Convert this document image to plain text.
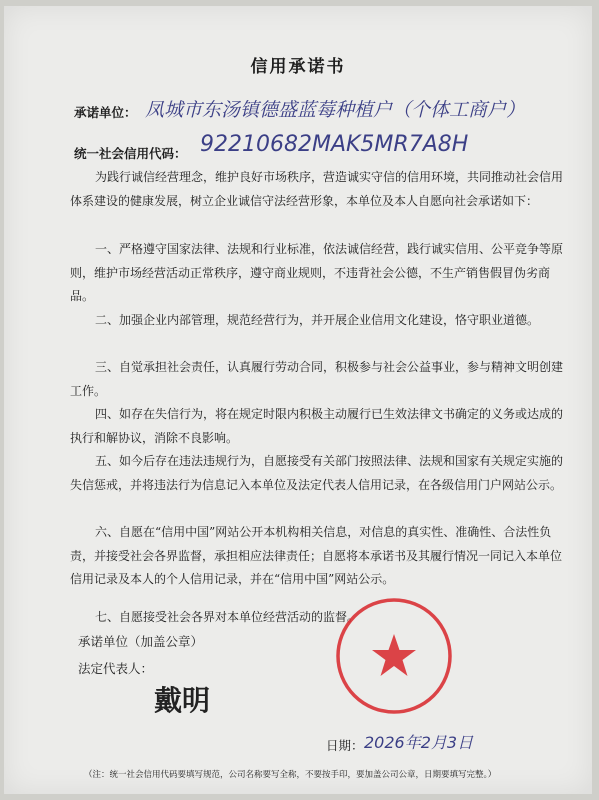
信用承诺书
承诺单位： 凤城市东汤镇德盛蓝莓种植户（个体工商户）
统一社会信用代码： 92210682MAK5MR7A8H

为践行诚信经营理念，维护良好市场秩序，营造诚实守信的信用环境，共同推动社会信用体系建设的健康发展，树立企业诚信守法经营形象，本单位及本人自愿向社会承诺如下：

一、严格遵守国家法律、法规和行业标准，依法诚信经营，践行诚实信用、公平竞争等原则，维护市场经营活动正常秩序，遵守商业规则，不违背社会公德，不生产销售假冒伪劣商品。

二、加强企业内部管理，规范经营行为，并开展企业信用文化建设，恪守职业道德。

三、自觉承担社会责任，认真履行劳动合同，积极参与社会公益事业，参与精神文明创建工作。

四、如存在失信行为，将在规定时限内积极主动履行已生效法律文书确定的义务或达成的执行和解协议，消除不良影响。

五、如今后存在违法违规行为，自愿接受有关部门按照法律、法规和国家有关规定实施的失信惩戒，并将违法行为信息记入本单位及法定代表人信用记录，在各级信用门户网站公示。

六、自愿在“信用中国”网站公开本机构相关信息，对信息的真实性、准确性、合法性负责，并接受社会各界监督，承担相应法律责任；自愿将本承诺书及其履行情况一同记入本单位信用记录及本人的个人信用记录，并在“信用中国”网站公示。

七、自愿接受社会各界对本单位经营活动的监督。

承诺单位（加盖公章）
法定代表人：
戴明
日期： 2026年2月3日
（注：统一社会信用代码要填写规范，公司名称要写全称，不要按手印，要加盖公司公章，日期要填写完整。）
